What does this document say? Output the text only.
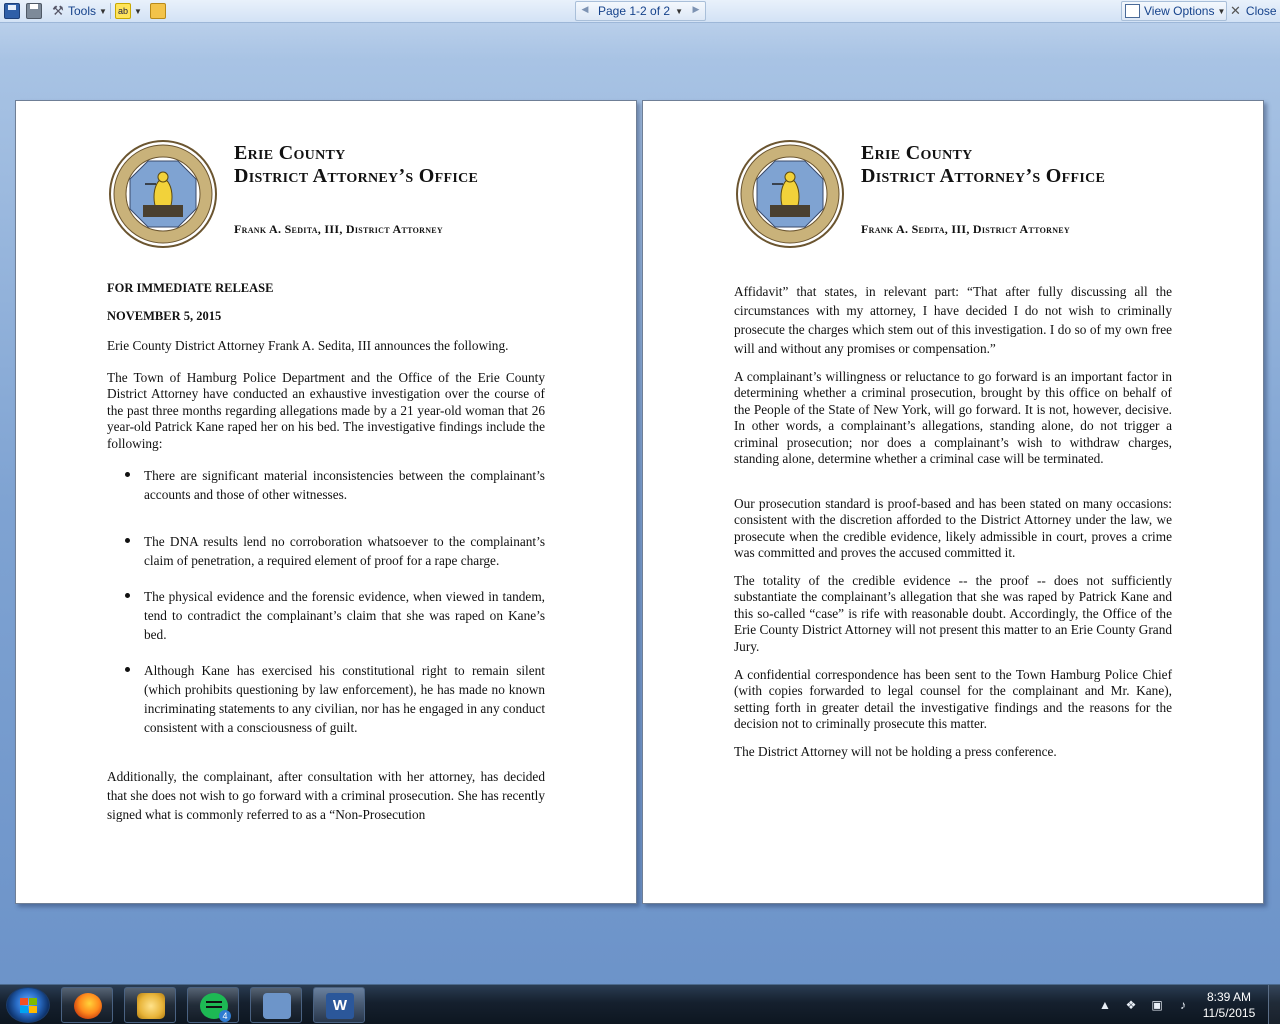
⚒ Tools ▼	ab ▼	◀ Page 1-2 of 2 ▼	▶	View Options ▼ ✕ Close
Erie County
District Attorney’s Office
Frank A. Sedita, III, District Attorney
FOR IMMEDIATE RELEASE
NOVEMBER 5, 2015
Erie County District Attorney Frank A. Sedita, III announces the following.
The Town of Hamburg Police Department and the Office of the Erie County District Attorney have conducted an exhaustive investigation over the course of the past three months regarding allegations made by a 21 year-old woman that 26 year-old Patrick Kane raped her on his bed. The investigative findings include the following:
There are significant material inconsistencies between the complainant’s accounts and those of other witnesses.
The DNA results lend no corroboration whatsoever to the complainant’s claim of penetration, a required element of proof for a rape charge.
The physical evidence and the forensic evidence, when viewed in tandem, tend to contradict the complainant’s claim that she was raped on Kane’s bed.
Although Kane has exercised his constitutional right to remain silent (which prohibits questioning by law enforcement), he has made no known incriminating statements to any civilian, nor has he engaged in any conduct consistent with a consciousness of guilt.
Additionally, the complainant, after consultation with her attorney, has decided that she does not wish to go forward with a criminal prosecution. She has recently signed what is commonly referred to as a “Non-Prosecution
Erie County
District Attorney’s Office
Frank A. Sedita, III, District Attorney
Affidavit” that states, in relevant part: “That after fully discussing all the circumstances with my attorney, I have decided I do not wish to criminally prosecute the charges which stem out of this investigation. I do so of my own free will and without any promises or compensation.”
A complainant’s willingness or reluctance to go forward is an important factor in determining whether a criminal prosecution, brought by this office on behalf of the People of the State of New York, will go forward. It is not, however, decisive. In other words, a complainant’s allegations, standing alone, do not trigger a criminal prosecution; nor does a complainant’s wish to withdraw charges, standing alone, determine whether a criminal case will be terminated.
Our prosecution standard is proof-based and has been stated on many occasions: consistent with the discretion afforded to the District Attorney under the law, we prosecute when the credible evidence, likely admissible in court, proves a crime was committed and proves the accused committed it.
The totality of the credible evidence -- the proof -- does not sufficiently substantiate the complainant’s allegation that she was raped by Patrick Kane and this so-called “case” is rife with reasonable doubt. Accordingly, the Office of the Erie County District Attorney will not present this matter to an Erie County Grand Jury.
A confidential correspondence has been sent to the Town Hamburg Police Chief (with copies forwarded to legal counsel for the complainant and Mr. Kane), setting forth in greater detail the investigative findings and the reasons for the decision not to criminally prosecute this matter.
The District Attorney will not be holding a press conference.
4
W	▲ ❖ ▣	♪
8:39 AM
11/5/2015
